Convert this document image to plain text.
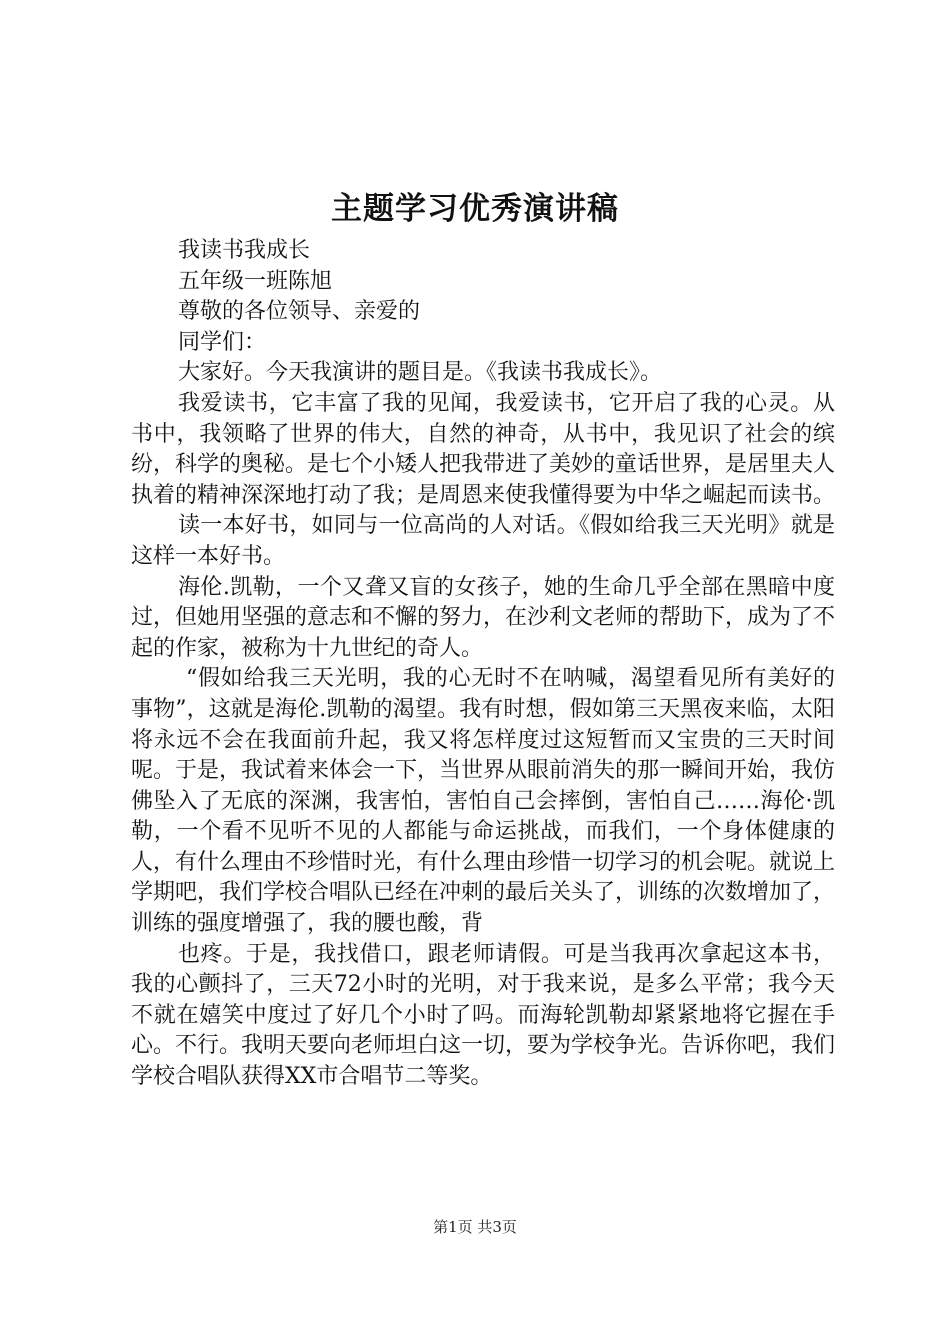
主题学习优秀演讲稿

我读书我成长

五年级一班陈旭

尊敬的各位领导、亲爱的

同学们：

大家好。今天我演讲的题目是。《我读书我成长》。

我爱读书，它丰富了我的见闻，我爱读书，它开启了我的心灵。从书中，我领略了世界的伟大，自然的神奇，从书中，我见识了社会的缤纷，科学的奥秘。是七个小矮人把我带进了美妙的童话世界，是居里夫人执着的精神深深地打动了我；是周恩来使我懂得要为中华之崛起而读书。

读一本好书，如同与一位高尚的人对话。《假如给我三天光明》就是这样一本好书。

海伦.凯勒，一个又聋又盲的女孩子，她的生命几乎全部在黑暗中度过，但她用坚强的意志和不懈的努力，在沙利文老师的帮助下，成为了不起的作家，被称为十九世纪的奇人。

“假如给我三天光明，我的心无时不在呐喊，渴望看见所有美好的事物”，这就是海伦.凯勒的渴望。我有时想，假如第三天黑夜来临，太阳将永远不会在我面前升起，我又将怎样度过这短暂而又宝贵的三天时间呢。于是，我试着来体会一下，当世界从眼前消失的那一瞬间开始，我仿佛坠入了无底的深渊，我害怕，害怕自己会摔倒，害怕自己……海伦·凯勒，一个看不见听不见的人都能与命运挑战，而我们，一个身体健康的人，有什么理由不珍惜时光，有什么理由珍惜一切学习的机会呢。就说上学期吧，我们学校合唱队已经在冲刺的最后关头了，训练的次数增加了，训练的强度增强了，我的腰也酸，背

也疼。于是，我找借口，跟老师请假。可是当我再次拿起这本书，我的心颤抖了，三天72小时的光明，对于我来说，是多么平常；我今天不就在嬉笑中度过了好几个小时了吗。而海轮凯勒却紧紧地将它握在手心。不行。我明天要向老师坦白这一切，要为学校争光。告诉你吧，我们学校合唱队获得XX市合唱节二等奖。

第1页 共3页
